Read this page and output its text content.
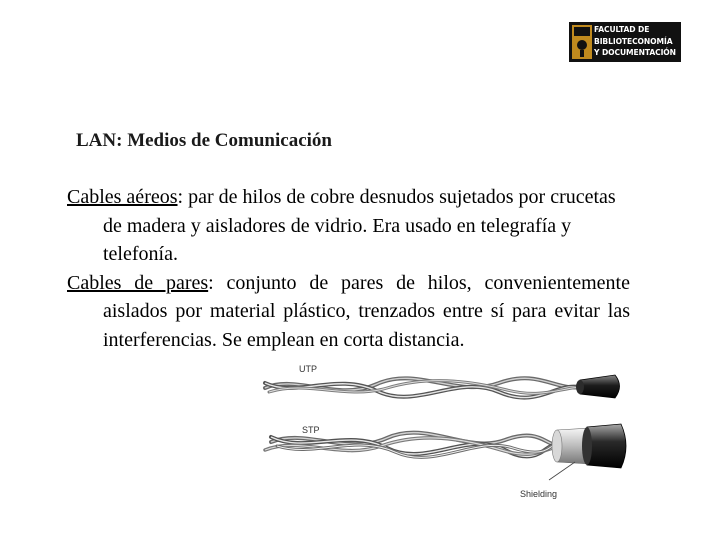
FACULTAD DE
BIBLIOTECONOMÍA
Y DOCUMENTACIÓN
LAN: Medios de Comunicación

Cables aéreos: par de hilos de cobre desnudos sujetados por crucetas de madera y aisladores de vidrio. Era usado en telegrafía y telefonía.

Cables de pares: conjunto de pares de hilos, convenientemente aislados por material plástico, trenzados entre sí para evitar las interferencias. Se emplean en corta distancia.

UTP
STP
Shielding
